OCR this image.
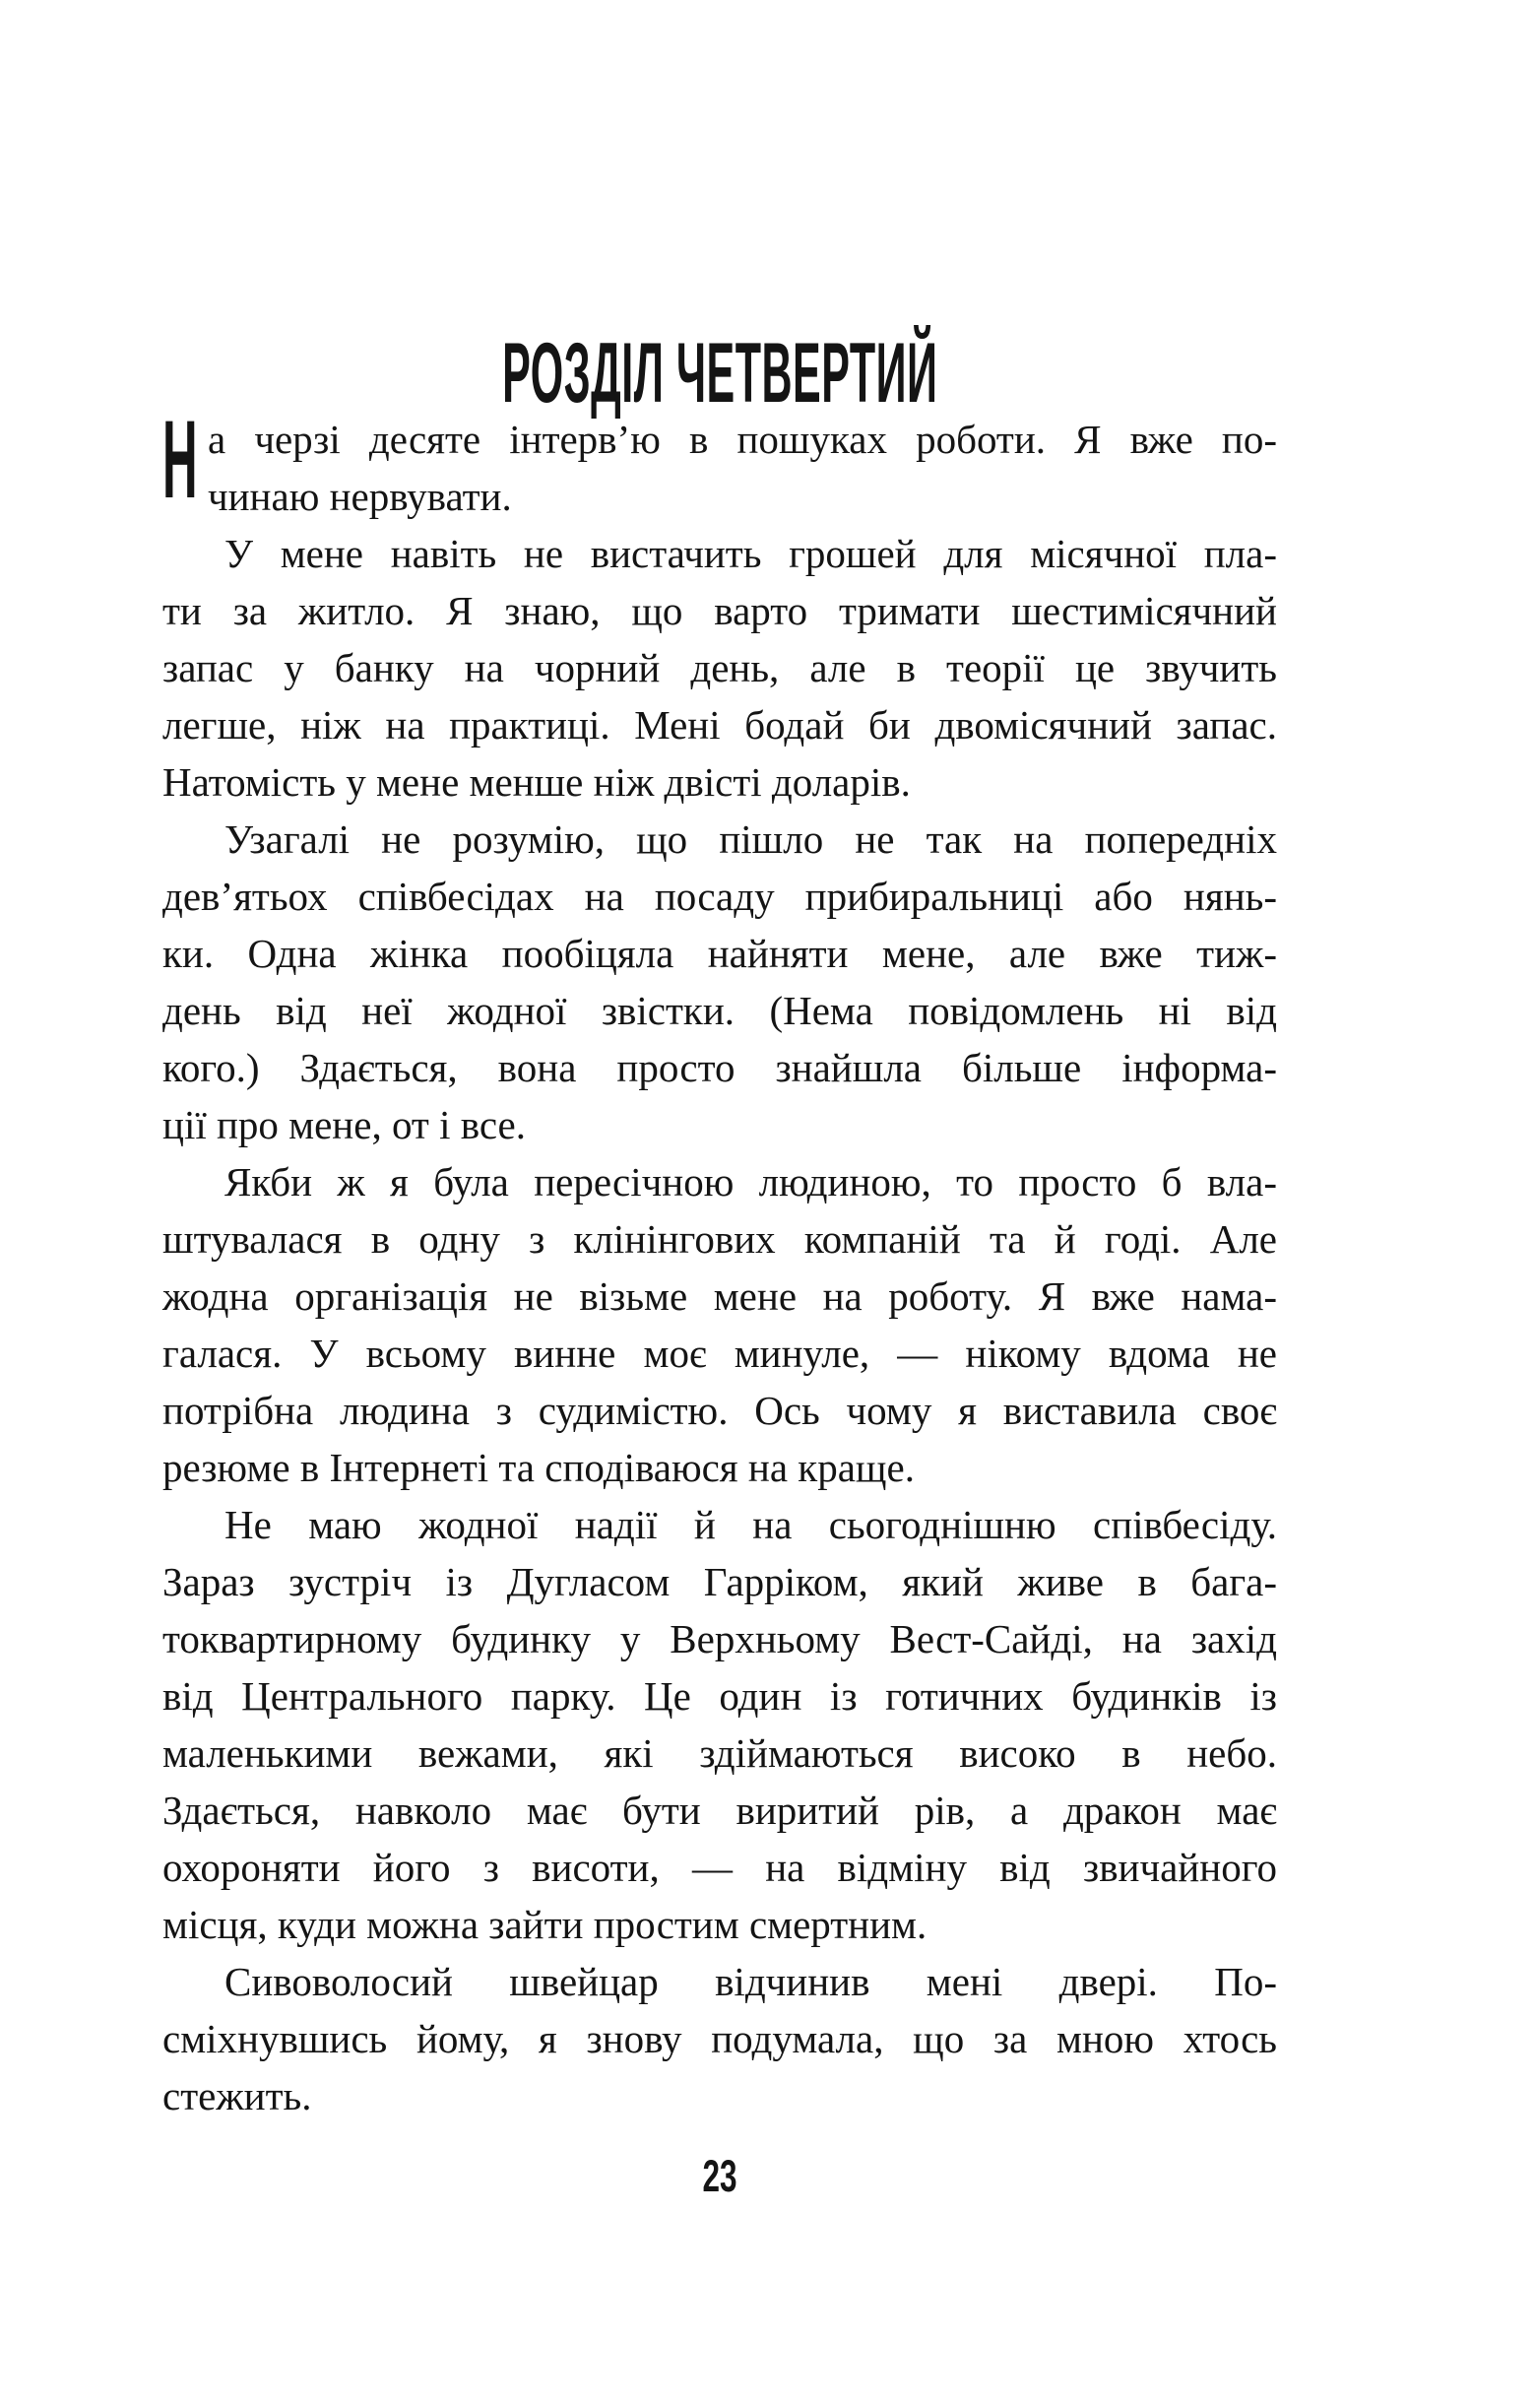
РОЗДІЛ ЧЕТВЕРТИЙ

Н а черзі десяте інтерв’ю в пошуках роботи. Я вже по-
чинаю нервувати.

У мене навіть не вистачить грошей для місячної пла-
ти за житло. Я знаю, що варто тримати шестимісячний
запас у банку на чорний день, але в теорії це звучить
легше, ніж на практиці. Мені бодай би двомісячний запас.
Натомість у мене менше ніж двісті доларів.

Узагалі не розумію, що пішло не так на попередніх
дев’ятьох співбесідах на посаду прибиральниці або нянь-
ки. Одна жінка пообіцяла найняти мене, але вже тиж-
день від неї жодної звістки. (Нема повідомлень ні від
кого.) Здається, вона просто знайшла більше інформа-
ції про мене, от і все.

Якби ж я була пересічною людиною, то просто б вла-
штувалася в одну з клінінгових компаній та й годі. Але
жодна організація не візьме мене на роботу. Я вже нама-
галася. У всьому винне моє минуле, — нікому вдома не
потрібна людина з судимістю. Ось чому я виставила своє
резюме в Інтернеті та сподіваюся на краще.

Не маю жодної надії й на сьогоднішню співбесіду.
Зараз зустріч із Дугласом Гарріком, який живе в бага-
токвартирному будинку у Верхньому Вест-Сайді, на захід
від Центрального парку. Це один із готичних будинків із
маленькими вежами, які здіймаються високо в небо.
Здається, навколо має бути виритий рів, а дракон має
охороняти його з висоти, — на відміну від звичайного
місця, куди можна зайти простим смертним.

Сивоволосий швейцар відчинив мені двері. По-
сміхнувшись йому, я знову подумала, що за мною хтось
стежить.

23
